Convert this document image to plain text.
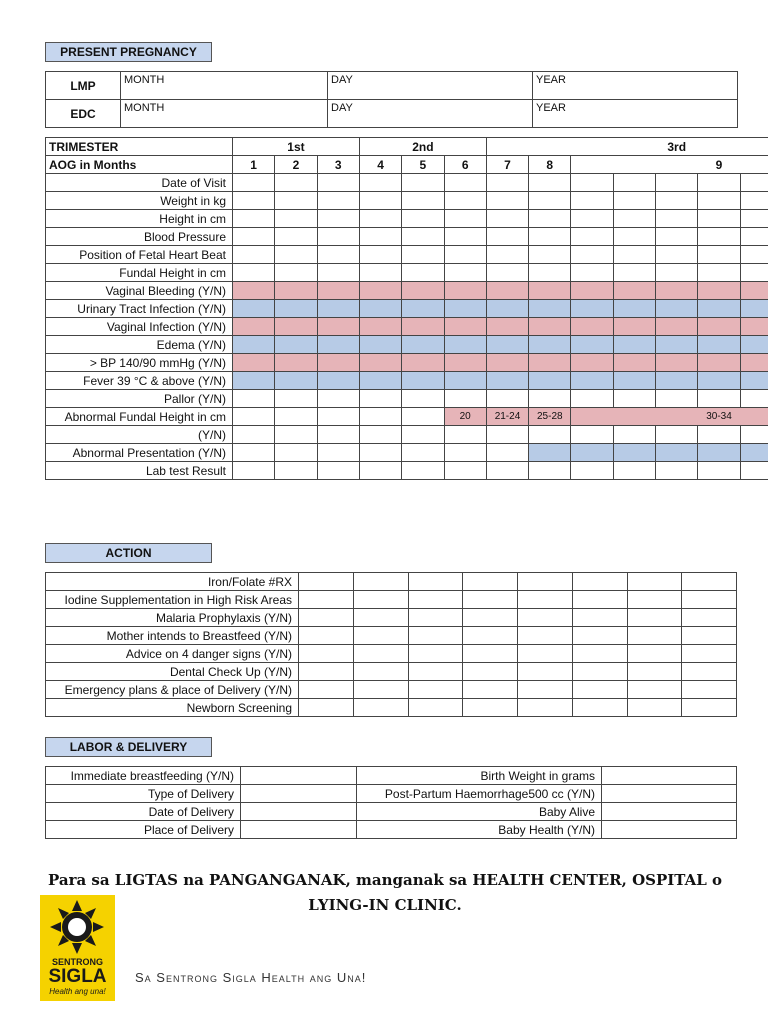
PRESENT PREGNANCY
LMP	MONTH	DAY	YEAR
EDC	MONTH	DAY	YEAR
TRIMESTER	1st			2nd			3rd								
AOG in Months	1	2	3	4	5	6	7	8	9						
Date of Visit															
Weight in kg															
Height in cm															
Blood Pressure															
Position of Fetal Heart Beat															
Fundal Height in cm															
Vaginal Bleeding (Y/N)															
Urinary Tract Infection (Y/N)															
Vaginal Infection (Y/N)															
Edema (Y/N)															
> BP 140/90 mmHg (Y/N)															
Fever 39 °C & above (Y/N)															
Pallor (Y/N)															
Abnormal Fundal Height in cm						20	21-24	25-28	30-34						
(Y/N)															
Abnormal Presentation (Y/N)															
Lab test Result															
ACTION
Iron/Folate #RX								
Iodine Supplementation in High Risk Areas								
Malaria Prophylaxis (Y/N)								
Mother intends to Breastfeed (Y/N)								
Advice on 4 danger signs (Y/N)								
Dental Check Up (Y/N)								
Emergency plans & place of Delivery (Y/N)								
Newborn Screening								
LABOR & DELIVERY
Immediate breastfeeding (Y/N)		Birth Weight in grams	
Type of Delivery		Post-Partum Haemorrhage500 cc (Y/N)	
Date of Delivery		Baby Alive	
Place of Delivery		Baby Health (Y/N)	
Para sa LIGTAS na PANGANGANAK, manganak sa HEALTH CENTER, OSPITAL o LYING-IN CLINIC.
SENTRONG
SIGLA
Health ang una!
Sa Sentrong Sigla Health ang Una!
